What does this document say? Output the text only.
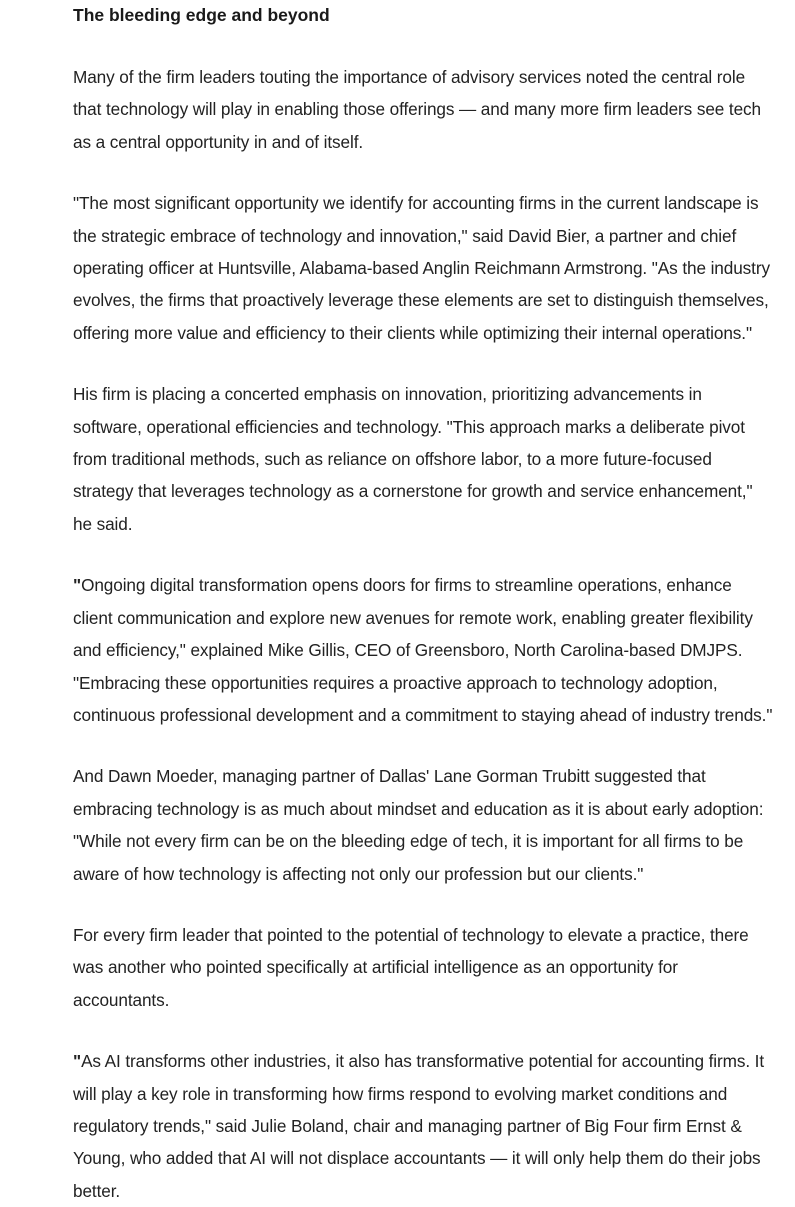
The bleeding edge and beyond

Many of the firm leaders touting the importance of advisory services noted the central role that technology will play in enabling those offerings — and many more firm leaders see tech as a central opportunity in and of itself.

"The most significant opportunity we identify for accounting firms in the current landscape is the strategic embrace of technology and innovation," said David Bier, a partner and chief operating officer at Huntsville, Alabama-based Anglin Reichmann Armstrong. "As the industry evolves, the firms that proactively leverage these elements are set to distinguish themselves, offering more value and efficiency to their clients while optimizing their internal operations."

His firm is placing a concerted emphasis on innovation, prioritizing advancements in software, operational efficiencies and technology. "This approach marks a deliberate pivot from traditional methods, such as reliance on offshore labor, to a more future-focused strategy that leverages technology as a cornerstone for growth and service enhancement," he said.

"Ongoing digital transformation opens doors for firms to streamline operations, enhance client communication and explore new avenues for remote work, enabling greater flexibility and efficiency," explained Mike Gillis, CEO of Greensboro, North Carolina-based DMJPS. "Embracing these opportunities requires a proactive approach to technology adoption, continuous professional development and a commitment to staying ahead of industry trends."

And Dawn Moeder, managing partner of Dallas' Lane Gorman Trubitt suggested that embracing technology is as much about mindset and education as it is about early adoption: "While not every firm can be on the bleeding edge of tech, it is important for all firms to be aware of how technology is affecting not only our profession but our clients."

For every firm leader that pointed to the potential of technology to elevate a practice, there was another who pointed specifically at artificial intelligence as an opportunity for accountants.

"As AI transforms other industries, it also has transformative potential for accounting firms. It will play a key role in transforming how firms respond to evolving market conditions and regulatory trends," said Julie Boland, chair and managing partner of Big Four firm Ernst & Young, who added that AI will not displace accountants — it will only help them do their jobs better.
